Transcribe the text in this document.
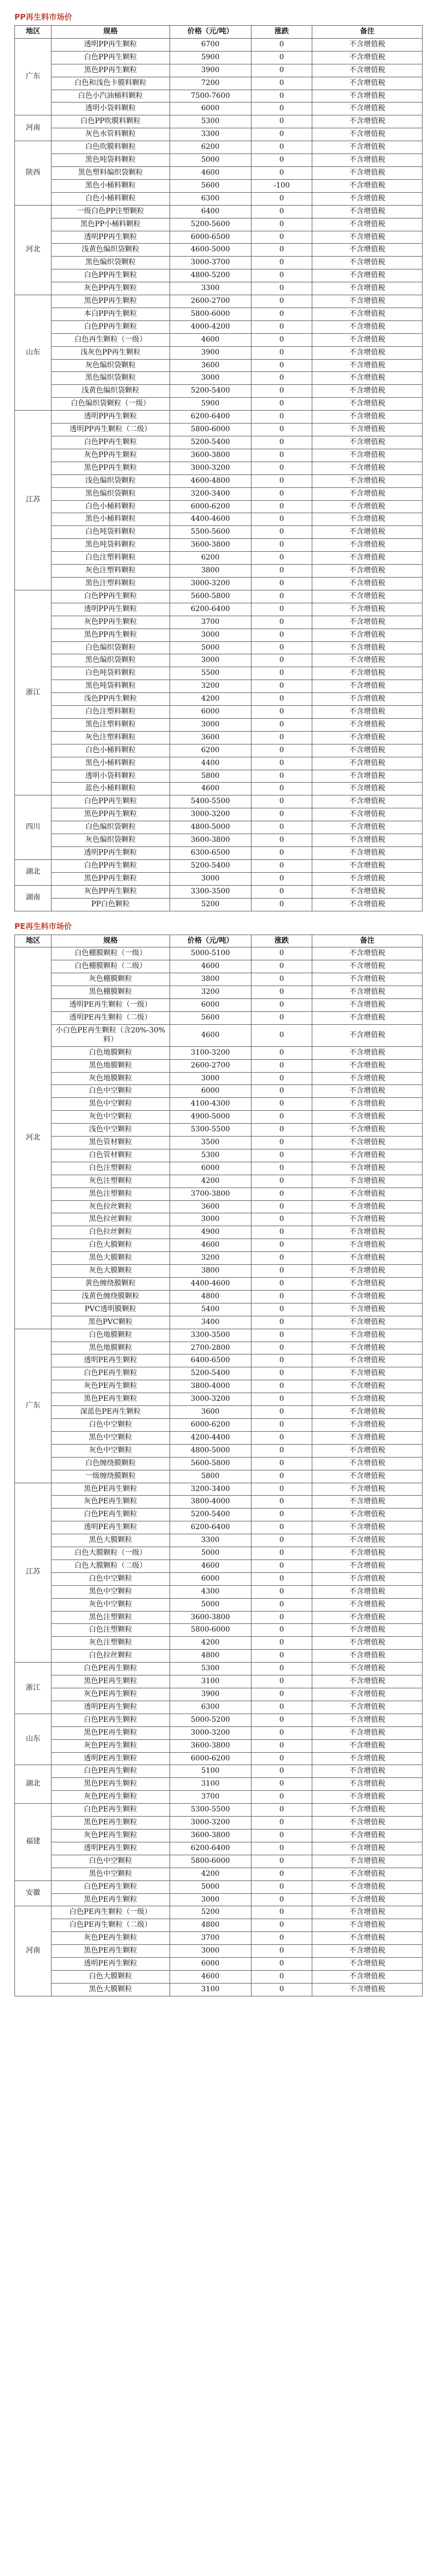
PP再生料市场价
地区	规格	价格（元/吨）	涨跌	备注
广东	透明PP再生颗粒	6700	0	不含增值税
	白色PP再生颗粒	5900	0	不含增值税
	黑色PP再生颗粒	3900	0	不含增值税
	白色和浅色卡膜料颗粒	7200	0	不含增值税
	白色小汽油桶料颗粒	7500-7600	0	不含增值税
	透明小袋料颗粒	6000	0	不含增值税
河南	白色PP吹膜料颗粒	5300	0	不含增值税
	灰色水管料颗粒	3300	0	不含增值税
陕西	白色吹膜料颗粒	6200	0	不含增值税
	黑色吨袋料颗粒	5000	0	不含增值税
	黑色塑料编织袋颗粒	4600	0	不含增值税
	黑色小桶料颗粒	5600	-100	不含增值税
	白色小桶料颗粒	6300	0	不含增值税
河北	一级白色PP注塑颗粒	6400	0	不含增值税
	黑色PP小桶料颗粒	5200-5600	0	不含增值税
	透明PP再生颗粒	6000-6500	0	不含增值税
	浅黄色编织袋颗粒	4600-5000	0	不含增值税
	黑色编织袋颗粒	3000-3700	0	不含增值税
	白色PP再生颗粒	4800-5200	0	不含增值税
	灰色PP再生颗粒	3300	0	不含增值税
山东	黑色PP再生颗粒	2600-2700	0	不含增值税
	本白PP再生颗粒	5800-6000	0	不含增值税
	白色PP再生颗粒	4000-4200	0	不含增值税
	白色再生颗粒（一级）	4600	0	不含增值税
	浅灰色PP再生颗粒	3900	0	不含增值税
	灰色编织袋颗粒	3600	0	不含增值税
	黑色编织袋颗粒	3000	0	不含增值税
	浅黄色编织袋颗粒	5200-5400	0	不含增值税
	白色编织袋颗粒（一级）	5900	0	不含增值税
江苏	透明PP再生颗粒	6200-6400	0	不含增值税
	透明PP再生颗粒（二级）	5800-6000	0	不含增值税
	白色PP再生颗粒	5200-5400	0	不含增值税
	灰色PP再生颗粒	3600-3800	0	不含增值税
	黑色PP再生颗粒	3000-3200	0	不含增值税
	浅色编织袋颗粒	4600-4800	0	不含增值税
	黑色编织袋颗粒	3200-3400	0	不含增值税
	白色小桶料颗粒	6000-6200	0	不含增值税
	黑色小桶料颗粒	4400-4600	0	不含增值税
	白色吨袋料颗粒	5500-5600	0	不含增值税
	黑色吨袋料颗粒	3600-3800	0	不含增值税
	白色注塑料颗粒	6200	0	不含增值税
	灰色注塑料颗粒	3800	0	不含增值税
	黑色注塑料颗粒	3000-3200	0	不含增值税
浙江	白色PP再生颗粒	5600-5800	0	不含增值税
	透明PP再生颗粒	6200-6400	0	不含增值税
	灰色PP再生颗粒	3700	0	不含增值税
	黑色PP再生颗粒	3000	0	不含增值税
	白色编织袋颗粒	5000	0	不含增值税
	黑色编织袋颗粒	3000	0	不含增值税
	白色吨袋料颗粒	5500	0	不含增值税
	黑色吨袋料颗粒	3200	0	不含增值税
	浅色PP再生颗粒	4200	0	不含增值税
	白色注塑料颗粒	6000	0	不含增值税
	黑色注塑料颗粒	3000	0	不含增值税
	灰色注塑料颗粒	3600	0	不含增值税
	白色小桶料颗粒	6200	0	不含增值税
	黑色小桶料颗粒	4400	0	不含增值税
	透明小袋料颗粒	5800	0	不含增值税
	蓝色小桶料颗粒	4600	0	不含增值税
四川	白色PP再生颗粒	5400-5500	0	不含增值税
	黑色PP再生颗粒	3000-3200	0	不含增值税
	白色编织袋颗粒	4800-5000	0	不含增值税
	灰色编织袋颗粒	3600-3800	0	不含增值税
	透明PP再生颗粒	6300-6500	0	不含增值税
湖北	白色PP再生颗粒	5200-5400	0	不含增值税
	黑色PP再生颗粒	3000	0	不含增值税
湖南	灰色PP再生颗粒	3300-3500	0	不含增值税
	PP白色颗粒	5200	0	不含增值税
PE再生料市场价
地区	规格	价格（元/吨）	涨跌	备注
河北	白色棚膜颗粒（一级）	5000-5100	0	不含增值税
	白色棚膜颗粒（二级）	4600	0	不含增值税
	灰色棚膜颗粒	3800	0	不含增值税
	黑色棚膜颗粒	3200	0	不含增值税
	透明PE再生颗粒（一级）	6000	0	不含增值税
	透明PE再生颗粒（二级）	5600	0	不含增值税
	小白色PE再生颗粒（含20%-30%料）	4600	0	不含增值税
	白色地膜颗粒	3100-3200	0	不含增值税
	黑色地膜颗粒	2600-2700	0	不含增值税
	灰色地膜颗粒	3000	0	不含增值税
	白色中空颗粒	6000	0	不含增值税
	黑色中空颗粒	4100-4300	0	不含增值税
	灰色中空颗粒	4900-5000	0	不含增值税
	浅色中空颗粒	5300-5500	0	不含增值税
	黑色管材颗粒	3500	0	不含增值税
	白色管材颗粒	5300	0	不含增值税
	白色注塑颗粒	6000	0	不含增值税
	灰色注塑颗粒	4200	0	不含增值税
	黑色注塑颗粒	3700-3800	0	不含增值税
	灰色拉丝颗粒	3600	0	不含增值税
	黑色拉丝颗粒	3000	0	不含增值税
	白色拉丝颗粒	4900	0	不含增值税
	白色大膜颗粒	4600	0	不含增值税
	黑色大膜颗粒	3200	0	不含增值税
	灰色大膜颗粒	3800	0	不含增值税
	黄色缠绕膜颗粒	4400-4600	0	不含增值税
	浅黄色缠绕膜颗粒	4800	0	不含增值税
	PVC透明膜颗粒	5400	0	不含增值税
	黑色PVC颗粒	3400	0	不含增值税
广东	白色地膜颗粒	3300-3500	0	不含增值税
	黑色地膜颗粒	2700-2800	0	不含增值税
	透明PE再生颗粒	6400-6500	0	不含增值税
	白色PE再生颗粒	5200-5400	0	不含增值税
	灰色PE再生颗粒	3800-4000	0	不含增值税
	黑色PE再生颗粒	3000-3200	0	不含增值税
	深蓝色PE再生颗粒	3600	0	不含增值税
	白色中空颗粒	6000-6200	0	不含增值税
	黑色中空颗粒	4200-4400	0	不含增值税
	灰色中空颗粒	4800-5000	0	不含增值税
	白色缠绕膜颗粒	5600-5800	0	不含增值税
	一级缠绕膜颗粒	5800	0	不含增值税
江苏	黑色PE再生颗粒	3200-3400	0	不含增值税
	灰色PE再生颗粒	3800-4000	0	不含增值税
	白色PE再生颗粒	5200-5400	0	不含增值税
	透明PE再生颗粒	6200-6400	0	不含增值税
	黑色大膜颗粒	3300	0	不含增值税
	白色大膜颗粒（一级）	5000	0	不含增值税
	白色大膜颗粒（二级）	4600	0	不含增值税
	白色中空颗粒	6000	0	不含增值税
	黑色中空颗粒	4300	0	不含增值税
	灰色中空颗粒	5000	0	不含增值税
	黑色注塑颗粒	3600-3800	0	不含增值税
	白色注塑颗粒	5800-6000	0	不含增值税
	灰色注塑颗粒	4200	0	不含增值税
	白色拉丝颗粒	4800	0	不含增值税
浙江	白色PE再生颗粒	5300	0	不含增值税
	黑色PE再生颗粒	3100	0	不含增值税
	灰色PE再生颗粒	3900	0	不含增值税
	透明PE再生颗粒	6300	0	不含增值税
山东	白色PE再生颗粒	5000-5200	0	不含增值税
	黑色PE再生颗粒	3000-3200	0	不含增值税
	灰色PE再生颗粒	3600-3800	0	不含增值税
	透明PE再生颗粒	6000-6200	0	不含增值税
湖北	白色PE再生颗粒	5100	0	不含增值税
	黑色PE再生颗粒	3100	0	不含增值税
	灰色PE再生颗粒	3700	0	不含增值税
福建	白色PE再生颗粒	5300-5500	0	不含增值税
	黑色PE再生颗粒	3000-3200	0	不含增值税
	灰色PE再生颗粒	3600-3800	0	不含增值税
	透明PE再生颗粒	6200-6400	0	不含增值税
	白色中空颗粒	5800-6000	0	不含增值税
	黑色中空颗粒	4200	0	不含增值税
安徽	白色PE再生颗粒	5000	0	不含增值税
	黑色PE再生颗粒	3000	0	不含增值税
河南	白色PE再生颗粒（一级）	5200	0	不含增值税
	白色PE再生颗粒（二级）	4800	0	不含增值税
	灰色PE再生颗粒	3700	0	不含增值税
	黑色PE再生颗粒	3000	0	不含增值税
	透明PE再生颗粒	6000	0	不含增值税
	白色大膜颗粒	4600	0	不含增值税
	黑色大膜颗粒	3100	0	不含增值税
